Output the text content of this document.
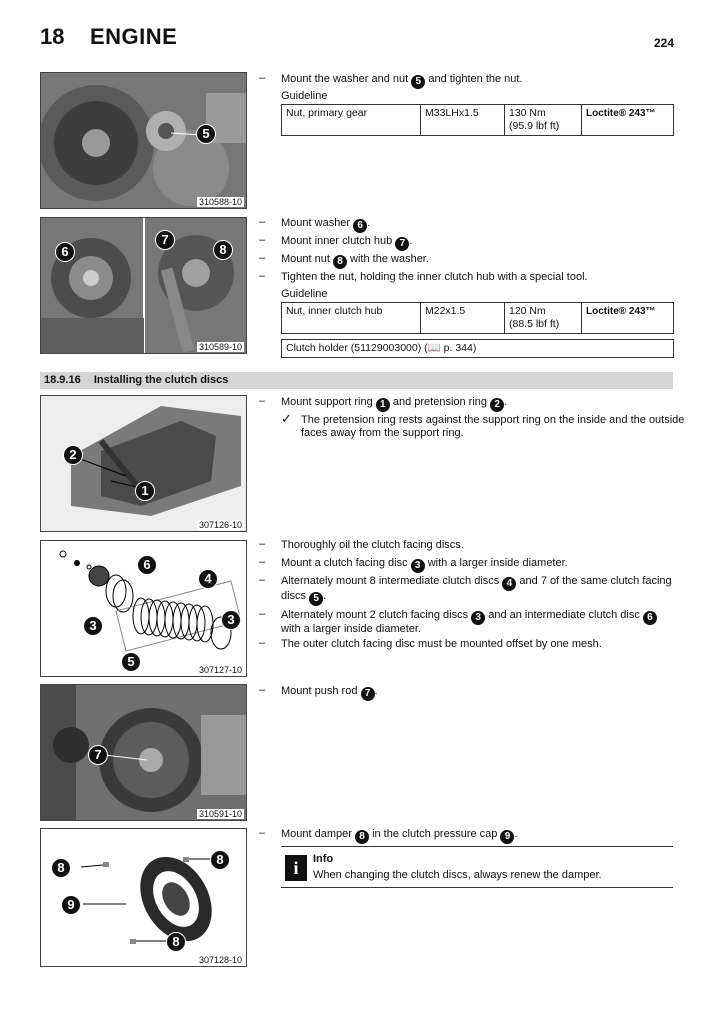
18 ENGINE	224
5
310588-10
– Mount the washer and nut 5 and tighten the nut.
Guideline
Nut, primary gear	M33LHx1.5	130 Nm
(95.9 lbf ft)	Loctite® 243™
6
7
8
310589-10
– Mount washer 6 .
– Mount inner clutch hub 7 .
– Mount nut 8 with the washer.
– Tighten the nut, holding the inner clutch hub with a special tool.
Guideline
Nut, inner clutch hub	M22x1.5	120 Nm
(88.5 lbf ft)	Loctite® 243™
Clutch holder (51129003000) (📖 p. 344)
18.9.16 Installing the clutch discs
2
1
307126-10
– Mount support ring 1 and pretension ring 2 .
✓ The pretension ring rests against the support ring on the inside and the outside
faces away from the support ring.
6
4
3	3
5
307127-10
– Thoroughly oil the clutch facing discs.
– Mount a clutch facing disc 3 with a larger inside diameter.
– Alternately mount 8 intermediate clutch discs 4 and 7 of the same clutch facing
discs 5 .
– Alternately mount 2 clutch facing discs 3 and an intermediate clutch disc 6
with a larger inside diameter.
– The outer clutch facing disc must be mounted offset by one mesh.
7
310591-10
– Mount push rod 7 .
8
8
9
8
307128-10
– Mount damper 8 in the clutch pressure cap 9 .
i	Info
When changing the clutch discs, always renew the damper.
